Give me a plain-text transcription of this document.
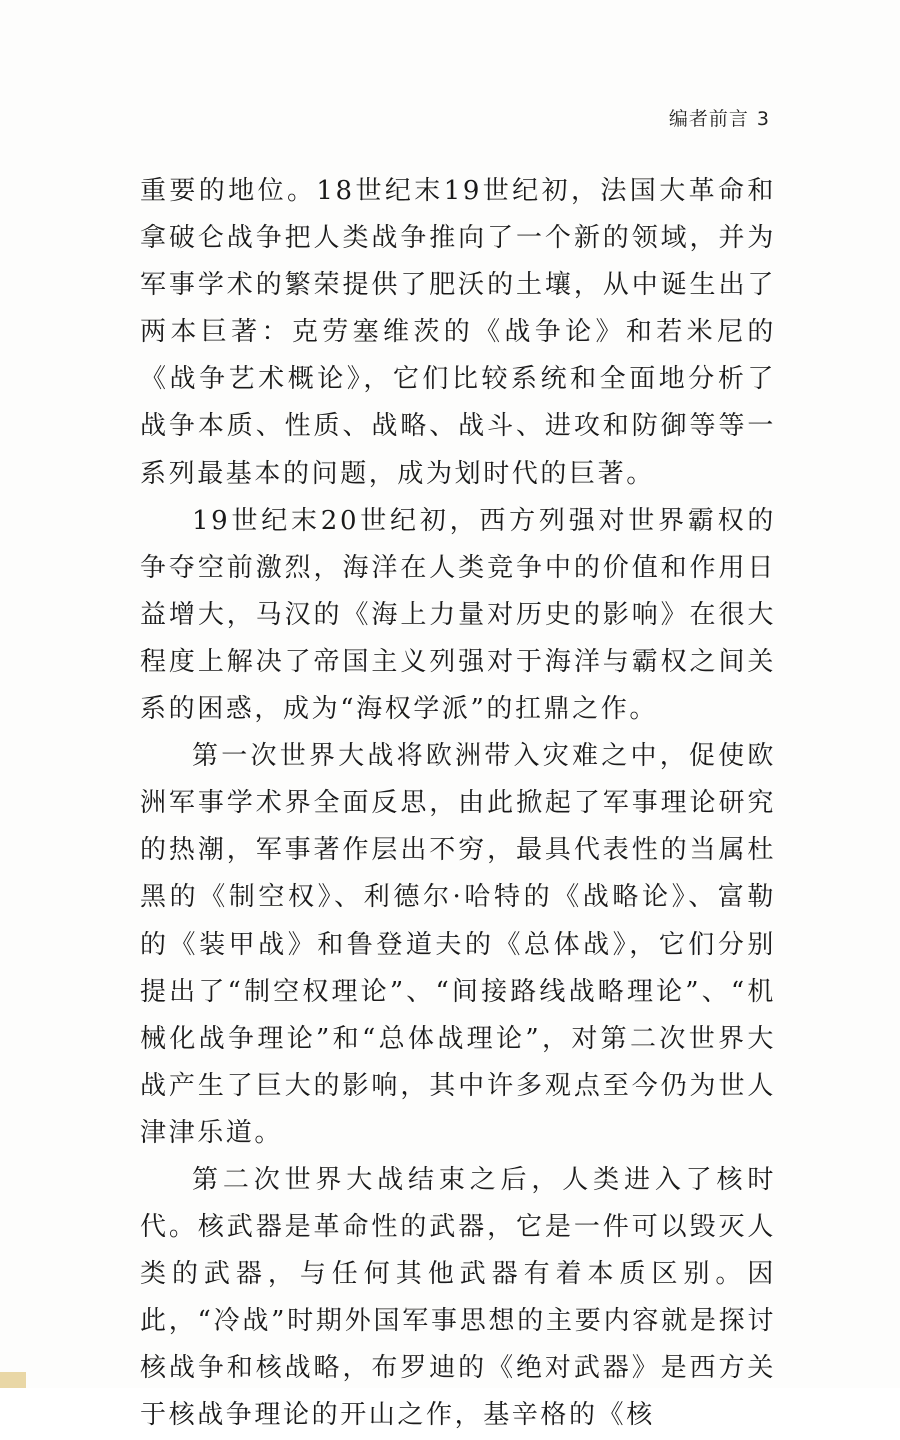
编者前言 3

重要的地位。18世纪末19世纪初，法国大革命和拿破仑战争把人类战争推向了一个新的领域，并为军事学术的繁荣提供了肥沃的土壤，从中诞生出了两本巨著：克劳塞维茨的《战争论》和若米尼的《战争艺术概论》，它们比较系统和全面地分析了战争本质、性质、战略、战斗、进攻和防御等等一系列最基本的问题，成为划时代的巨著。

19世纪末20世纪初，西方列强对世界霸权的争夺空前激烈，海洋在人类竞争中的价值和作用日益增大，马汉的《海上力量对历史的影响》在很大程度上解决了帝国主义列强对于海洋与霸权之间关系的困惑，成为“海权学派”的扛鼎之作。

第一次世界大战将欧洲带入灾难之中，促使欧洲军事学术界全面反思，由此掀起了军事理论研究的热潮，军事著作层出不穷，最具代表性的当属杜黑的《制空权》、利德尔·哈特的《战略论》、富勒的《装甲战》和鲁登道夫的《总体战》，它们分别提出了“制空权理论”、“间接路线战略理论”、“机械化战争理论”和“总体战理论”，对第二次世界大战产生了巨大的影响，其中许多观点至今仍为世人津津乐道。

第二次世界大战结束之后，人类进入了核时代。核武器是革命性的武器，它是一件可以毁灭人类的武器，与任何其他武器有着本质区别。因此，“冷战”时期外国军事思想的主要内容就是探讨核战争和核战略，布罗迪的《绝对武器》是西方关于核战争理论的开山之作，基辛格的《核
